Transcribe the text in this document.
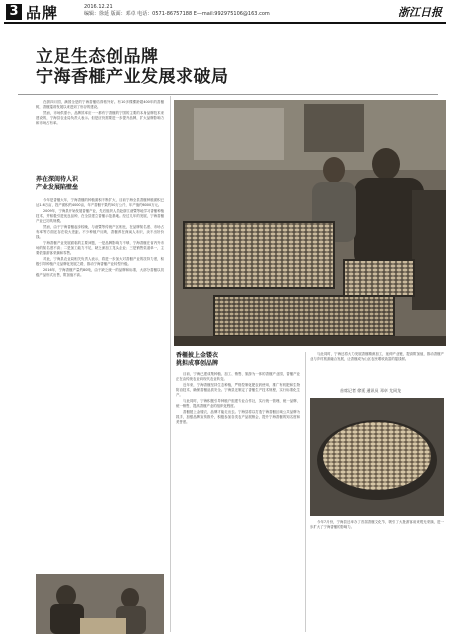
3 品牌	2016.12.21
编辑：徐延 版面：邓卓 电话：0571-86757188 E—mail:992975106@163.com	浙江日报
立足生态创品牌
宁海香榧产业发展求破局

在浙四月国，满园全是的宁海香榧结得格外好。有10多棵棵龄超400年的香榧树，香榧蓬勃发展以来进到了形谷的建设。

然而，市场供需小，品牌效率应一一都有宁香榧的宁国的主要的本身品牌技术来建设的，宁海县农业局负责人表示。但是应仍需要进一步提升品牌，扩大品牌影响力和市场占有率。

养在深闺待人识
产业发展陷壁垒

今年是香榧大年，宁海香榧的种植面积不断扩大，目前宁海全县香榧种植面积已达1.6万亩，投产面积约4000亩，年产香榧干果约50万公斤，年产值约6000万元。

2009年，宁海县开始发展香榧产业，先后组织人员赴浙江诸暨等地学习香榧种植技术，并积极引进优良品种，在全县建立香榧示范基地。经过几年的发展，宁海香榧产业已初具规模。

然而，由于宁海香榧起步较晚，与诸暨等传统产区相比，在品牌知名度、市场占有率等方面还存在较大差距。不少种植户反映，香榧养在深闺人未识，卖不出好价钱。

宁海香榧产业发展面临的主要问题，一是品牌影响力不够，宁海香榧在省内外市场的知名度不高；二是加工能力不足，缺乏深加工龙头企业；三是销售渠道单一，主要依靠游客采摘和零售。

对此，宁海县农业局相关负责人表示，将进一步加大对香榧产业的扶持力度，积极引导种植户走品牌化发展之路，推动宁海香榧产业转型升级。

2016年，宁海香榧产量约80吨，由于缺乏统一的品牌和标准，大部分香榧以初级产品形式出售，附加值不高。

香榧披上金镂衣
挑担成事创品牌

目前，宁海已建成集种植、加工、销售、旅游为一体的香榧产业园，香榧产业正在由传统农业向现代农业转变。

近年来，宁海香榧坚持生态种植，严格控制化肥农药使用，推广有机肥和生物防治技术，确保香榧品质安全。宁海县还制定了香榧生产技术规程，实行标准化生产。

与此同时，宁海积极引导种植户组建专业合作社，实行统一管理、统一品牌、统一销售，提高香榧产业的组织化程度。

香榧披上金镂衣，品牌才能走出去。宁海县将以打造宁海香榧区域公共品牌为抓手，加强品牌宣传推介，积极参加各类农产品展销会，提升宁海香榧的知名度和美誉度。

与此同时，宁海还将大力发展香榧精深加工，延伸产业链，提高附加值，推动香榧产业与乡村旅游融合发展，让香榧成为山区农民增收致富的摇钱树。

首席记者 徐延 通讯员 邓卓 尤同龙

今年7月份，宁海县还举办了首届香榧文化节，吸引了大批游客前来观光采摘，进一步扩大了宁海香榧的影响力。
